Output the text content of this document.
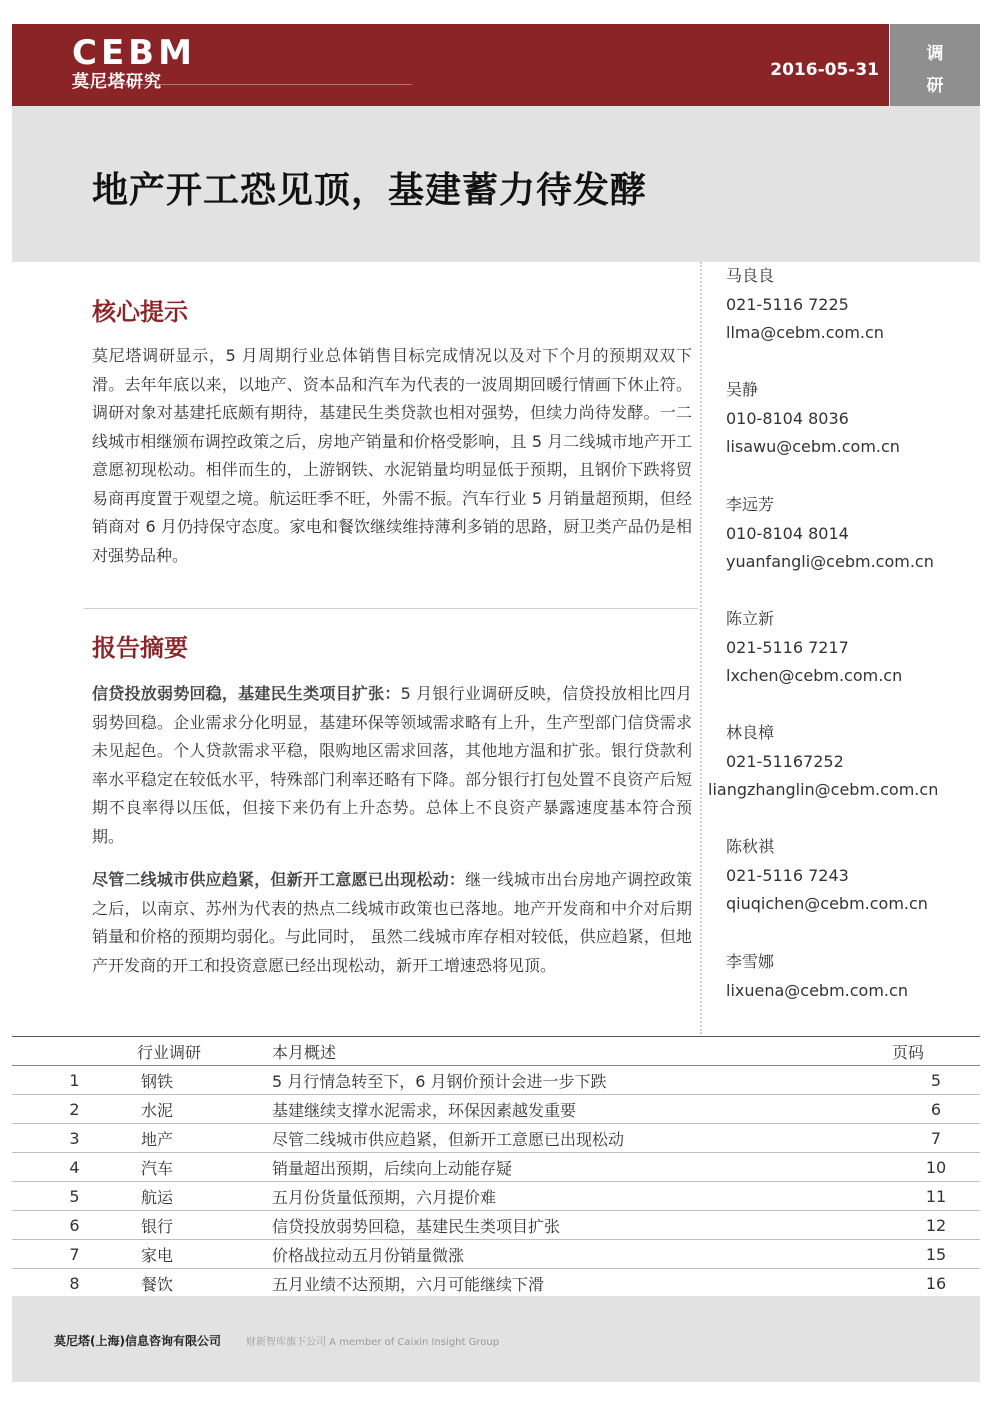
CEBM
莫尼塔研究
2016-05-31
调
研
地产开工恐见顶，基建蓄力待发酵
核心提示

莫尼塔调研显示，5 月周期行业总体销售目标完成情况以及对下个月的预期双双下滑。去年年底以来，以地产、资本品和汽车为代表的一波周期回暖行情画下休止符。调研对象对基建托底颇有期待，基建民生类贷款也相对强势，但续力尚待发酵。一二线城市相继颁布调控政策之后，房地产销量和价格受影响，且 5 月二线城市地产开工意愿初现松动。相伴而生的，上游钢铁、水泥销量均明显低于预期，且钢价下跌将贸易商再度置于观望之境。航运旺季不旺，外需不振。汽车行业 5 月销量超预期，但经销商对 6 月仍持保守态度。家电和餐饮继续维持薄利多销的思路，厨卫类产品仍是相对强势品种。

报告摘要

信贷投放弱势回稳，基建民生类项目扩张：5 月银行业调研反映，信贷投放相比四月弱势回稳。企业需求分化明显，基建环保等领域需求略有上升，生产型部门信贷需求未见起色。个人贷款需求平稳，限购地区需求回落，其他地方温和扩张。银行贷款利率水平稳定在较低水平，特殊部门利率还略有下降。部分银行打包处置不良资产后短期不良率得以压低，但接下来仍有上升态势。总体上不良资产暴露速度基本符合预期。

尽管二线城市供应趋紧，但新开工意愿已出现松动：继一线城市出台房地产调控政策之后，以南京、苏州为代表的热点二线城市政策也已落地。地产开发商和中介对后期销量和价格的预期均弱化。与此同时， 虽然二线城市库存相对较低，供应趋紧，但地产开发商的开工和投资意愿已经出现松动，新开工增速恐将见顶。

马良良
021-5116 7225
llma@cebm.com.cn
吴静
010-8104 8036
lisawu@cebm.com.cn
李远芳
010-8104 8014
yuanfangli@cebm.com.cn
陈立新
021-5116 7217
lxchen@cebm.com.cn
林良樟
021-51167252
liangzhanglin@cebm.com.cn
陈秋祺
021-5116 7243
qiuqichen@cebm.com.cn
李雪娜
lixuena@cebm.com.cn
	行业调研	本月概述	页码
1	钢铁	5 月行情急转至下，6 月钢价预计会进一步下跌	5
2	水泥	基建继续支撑水泥需求，环保因素越发重要	6
3	地产	尽管二线城市供应趋紧，但新开工意愿已出现松动	7
4	汽车	销量超出预期，后续向上动能存疑	10
5	航运	五月份货量低预期，六月提价难	11
6	银行	信贷投放弱势回稳，基建民生类项目扩张	12
7	家电	价格战拉动五月份销量微涨	15
8	餐饮	五月业绩不达预期，六月可能继续下滑	16
莫尼塔(上海)信息咨询有限公司	财新智库旗下公司 A member of Caixin Insight Group
